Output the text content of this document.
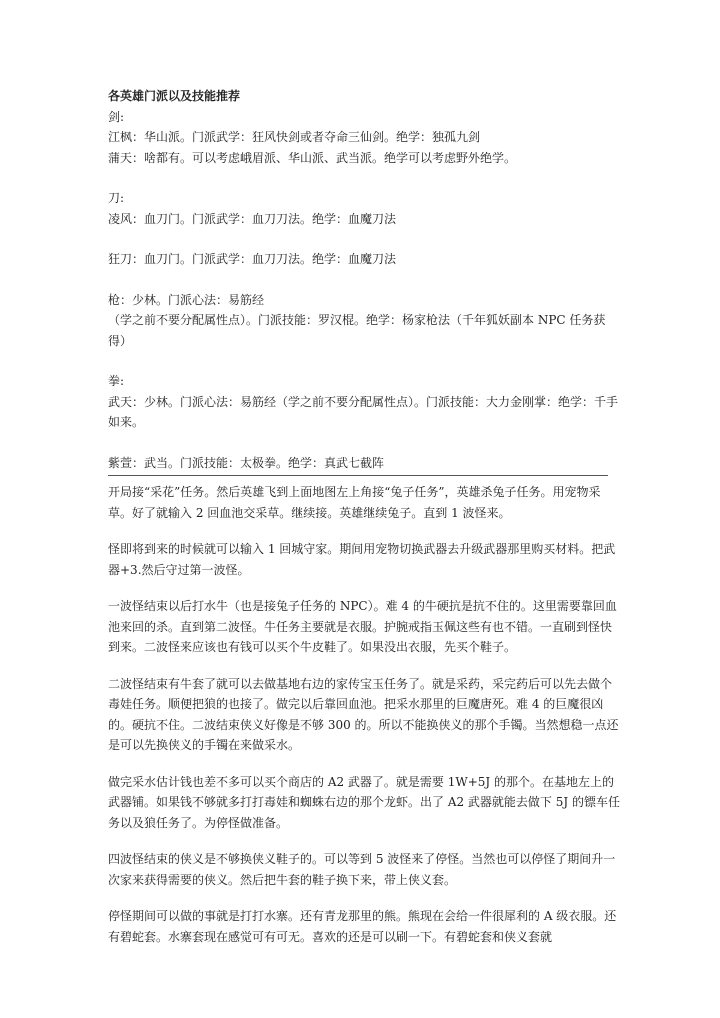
各英雄门派以及技能推荐

剑:

江枫：华山派。门派武学：狂风快剑或者夺命三仙剑。绝学：独孤九剑

蒲天：啥都有。可以考虑峨眉派、华山派、武当派。绝学可以考虑野外绝学。

刀:

凌风：血刀门。门派武学：血刀刀法。绝学：血魔刀法

狂刀：血刀门。门派武学：血刀刀法。绝学：血魔刀法

枪：少林。门派心法：易筋经

（学之前不要分配属性点）。门派技能：罗汉棍。绝学：杨家枪法（千年狐妖副本 NPC 任务获得）

拳:

武天：少林。门派心法：易筋经（学之前不要分配属性点）。门派技能：大力金刚掌：绝学：千手如来。

紫萱：武当。门派技能：太极拳。绝学：真武七截阵

开局接“采花”任务。然后英雄飞到上面地图左上角接“兔子任务”，英雄杀兔子任务。用宠物采草。好了就输入 2 回血池交采草。继续接。英雄继续兔子。直到 1 波怪来。

怪即将到来的时候就可以输入 1 回城守家。期间用宠物切换武器去升级武器那里购买材料。把武器+3.然后守过第一波怪。

一波怪结束以后打水牛（也是接兔子任务的 NPC）。难 4 的牛硬抗是抗不住的。这里需要靠回血池来回的杀。直到第二波怪。牛任务主要就是衣服。护腕戒指玉佩这些有也不错。一直刷到怪快到来。二波怪来应该也有钱可以买个牛皮鞋了。如果没出衣服，先买个鞋子。

二波怪结束有牛套了就可以去做基地右边的家传宝玉任务了。就是采药，采完药后可以先去做个毒娃任务。顺便把狼的也接了。做完以后靠回血池。把采水那里的巨魔唐死。难 4 的巨魔很凶的。硬抗不住。二波结束侠义好像是不够 300 的。所以不能换侠义的那个手镯。当然想稳一点还是可以先换侠义的手镯在来做采水。

做完采水估计钱也差不多可以买个商店的 A2 武器了。就是需要 1W+5J 的那个。在基地左上的武器铺。如果钱不够就多打打毒娃和蜘蛛右边的那个龙虾。出了 A2 武器就能去做下 5J 的镖车任务以及狼任务了。为停怪做准备。

四波怪结束的侠义是不够换侠义鞋子的。可以等到 5 波怪来了停怪。当然也可以停怪了期间升一次家来获得需要的侠义。然后把牛套的鞋子换下来，带上侠义套。

停怪期间可以做的事就是打打水寨。还有青龙那里的熊。熊现在会给一件很犀利的 A 级衣服。还有碧蛇套。水寨套现在感觉可有可无。喜欢的还是可以刷一下。有碧蛇套和侠义套就
